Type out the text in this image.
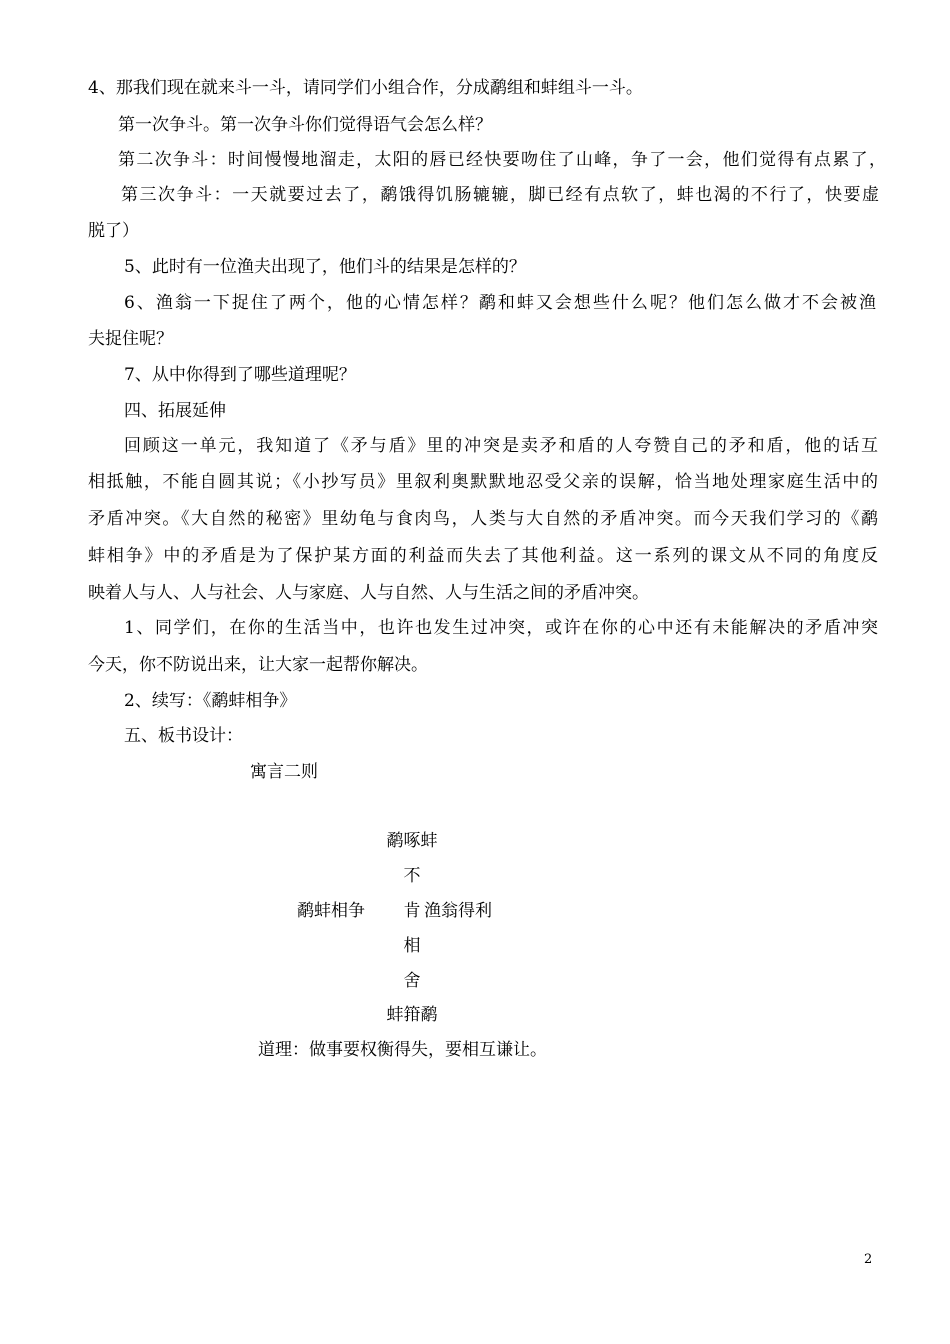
4、那我们现在就来斗一斗，请同学们小组合作，分成鹬组和蚌组斗一斗。
第一次争斗。第一次争斗你们觉得语气会怎么样？
第二次争斗：时间慢慢地溜走，太阳的唇已经快要吻住了山峰，争了一会，他们觉得有点累了，
第三次争斗：一天就要过去了，鹬饿得饥肠辘辘，脚已经有点软了，蚌也渴的不行了，快要虚
脱了）
5、此时有一位渔夫出现了，他们斗的结果是怎样的？
6、渔翁一下捉住了两个，他的心情怎样？鹬和蚌又会想些什么呢？他们怎么做才不会被渔
夫捉住呢？
7、从中你得到了哪些道理呢？
四、拓展延伸
回顾这一单元，我知道了《矛与盾》里的冲突是卖矛和盾的人夸赞自己的矛和盾，他的话互
相抵触，不能自圆其说；《小抄写员》里叙利奥默默地忍受父亲的误解，恰当地处理家庭生活中的
矛盾冲突。《大自然的秘密》里幼龟与食肉鸟，人类与大自然的矛盾冲突。而今天我们学习的《鹬
蚌相争》中的矛盾是为了保护某方面的利益而失去了其他利益。这一系列的课文从不同的角度反
映着人与人、人与社会、人与家庭、人与自然、人与生活之间的矛盾冲突。
1、同学们，在你的生活当中，也许也发生过冲突，或许在你的心中还有未能解决的矛盾冲突
今天，你不防说出来，让大家一起帮你解决。
2、续写：《鹬蚌相争》
五、板书设计：
寓言二则
鹬啄蚌
不
鹬蚌相争	肯 渔翁得利
相
舍
蚌箝鹬
道理：做事要权衡得失，要相互谦让。
2
